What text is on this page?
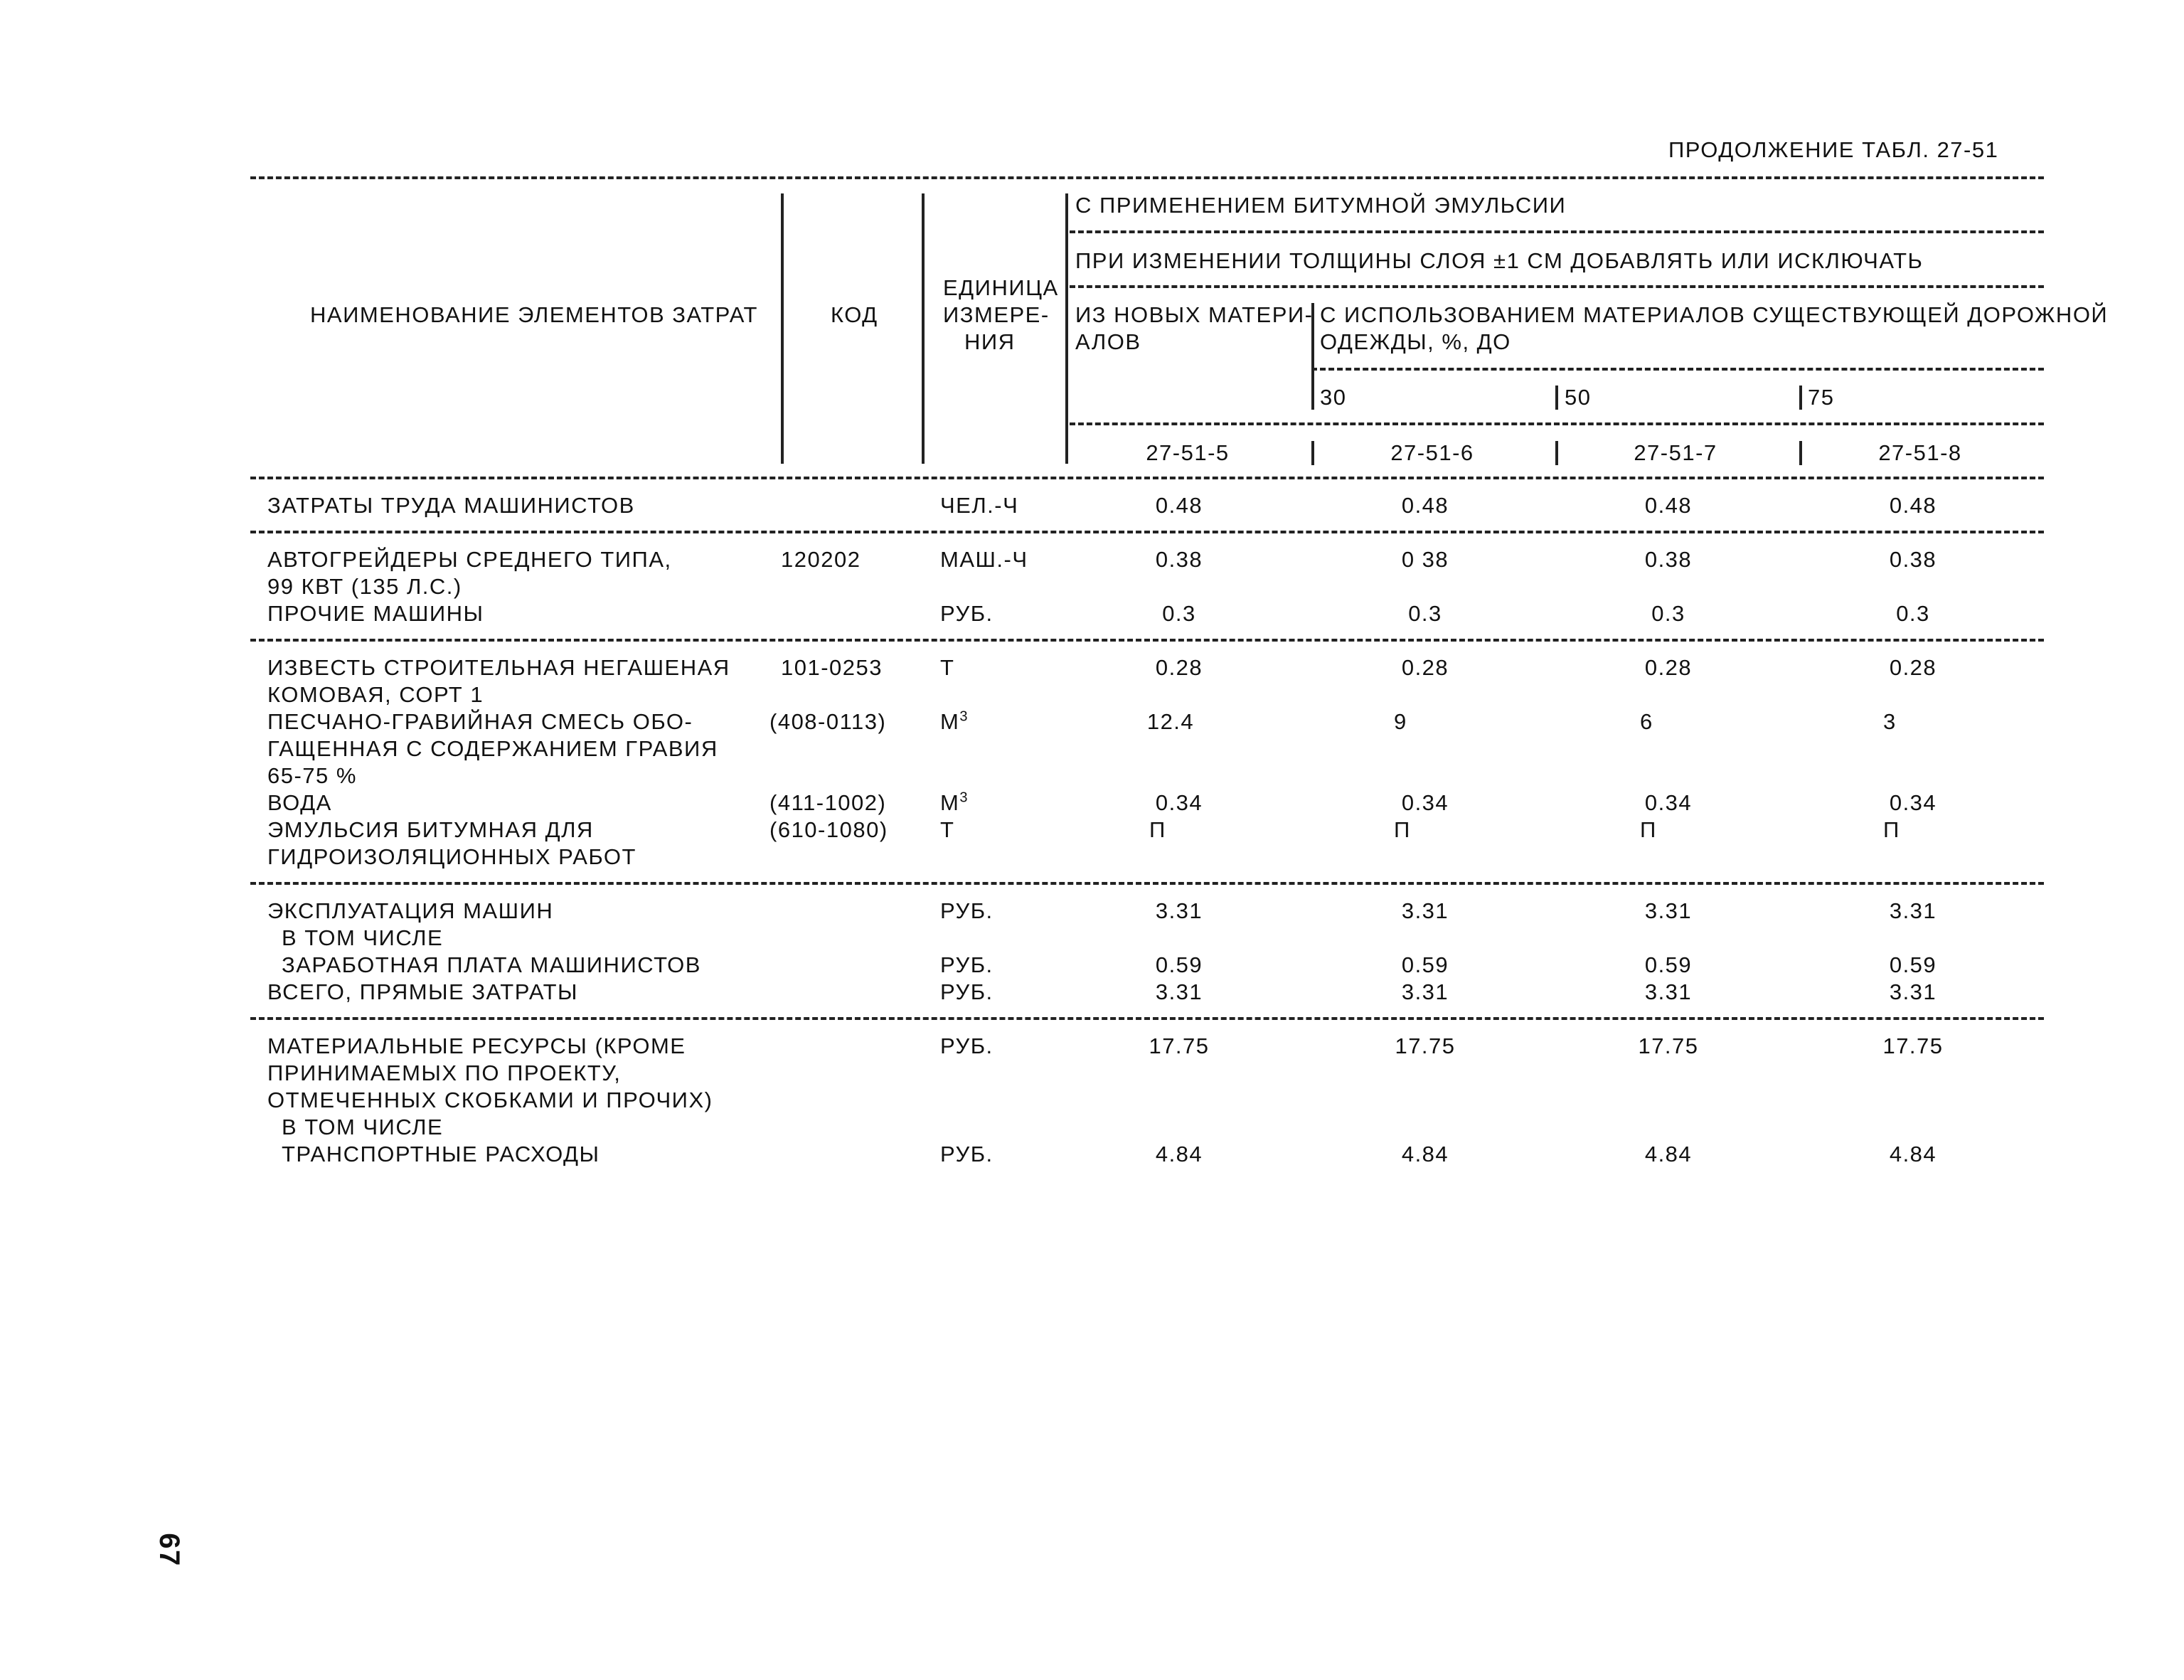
ПРОДОЛЖЕНИЕ ТАБЛ. 27-51
НАИМЕНОВАНИЕ ЭЛЕМЕНТОВ ЗАТРАТ	КОД
ЕДИНИЦА
ИЗМЕРЕ-
НИЯ
С ПРИМЕНЕНИЕМ БИТУМНОЙ ЭМУЛЬСИИ
ПРИ ИЗМЕНЕНИИ ТОЛЩИНЫ СЛОЯ ±1 СМ ДОБАВЛЯТЬ ИЛИ ИСКЛЮЧАТЬ
ИЗ НОВЫХ МАТЕРИ-
АЛОВ
С ИСПОЛЬЗОВАНИЕМ МАТЕРИАЛОВ СУЩЕСТВУЮЩЕЙ ДОРОЖНОЙ
ОДЕЖДЫ, %, ДО
30	50	75
27-51-5	27-51-6	27-51-7	27-51-8
ЗАТРАТЫ ТРУДА МАШИНИСТОВ	ЧЕЛ.-Ч	0.48	0.48	0.48	0.48
АВТОГРЕЙДЕРЫ СРЕДНЕГО ТИПА,
99 КВТ (135 Л.С.)
120202	МАШ.-Ч	0.38	0 38	0.38	0.38
ПРОЧИЕ МАШИНЫ	РУБ.	0.3	0.3	0.3	0.3
ИЗВЕСТЬ СТРОИТЕЛЬНАЯ НЕГАШЕНАЯ
КОМОВАЯ, СОРТ 1
101-0253	Т	0.28	0.28	0.28	0.28
ПЕСЧАНО-ГРАВИЙНАЯ СМЕСЬ ОБО-
ГАЩЕННАЯ С СОДЕРЖАНИЕМ ГРАВИЯ
65-75 %
(408-0113) $М^3$	12.4	9	6	3
ВОДА	(411-1002) $М^3$	0.34	0.34	0.34	0.34
ЭМУЛЬСИЯ БИТУМНАЯ ДЛЯ
ГИДРОИЗОЛЯЦИОННЫХ РАБОТ
(610-1080) Т	П	П	П	П
ЭКСПЛУАТАЦИЯ МАШИН
В ТОМ ЧИСЛЕ
РУБ.	3.31	3.31	3.31	3.31
ЗАРАБОТНАЯ ПЛАТА МАШИНИСТОВ	РУБ.	0.59	0.59	0.59	0.59
ВСЕГО, ПРЯМЫЕ ЗАТРАТЫ	РУБ.	3.31	3.31	3.31	3.31
МАТЕРИАЛЬНЫЕ РЕСУРСЫ (КРОМЕ
ПРИНИМАЕМЫХ ПО ПРОЕКТУ,
ОТМЕЧЕННЫХ СКОБКАМИ И ПРОЧИХ)
В ТОМ ЧИСЛЕ
РУБ.	17.75	17.75	17.75	17.75
ТРАНСПОРТНЫЕ РАСХОДЫ	РУБ.	4.84	4.84	4.84	4.84
67
